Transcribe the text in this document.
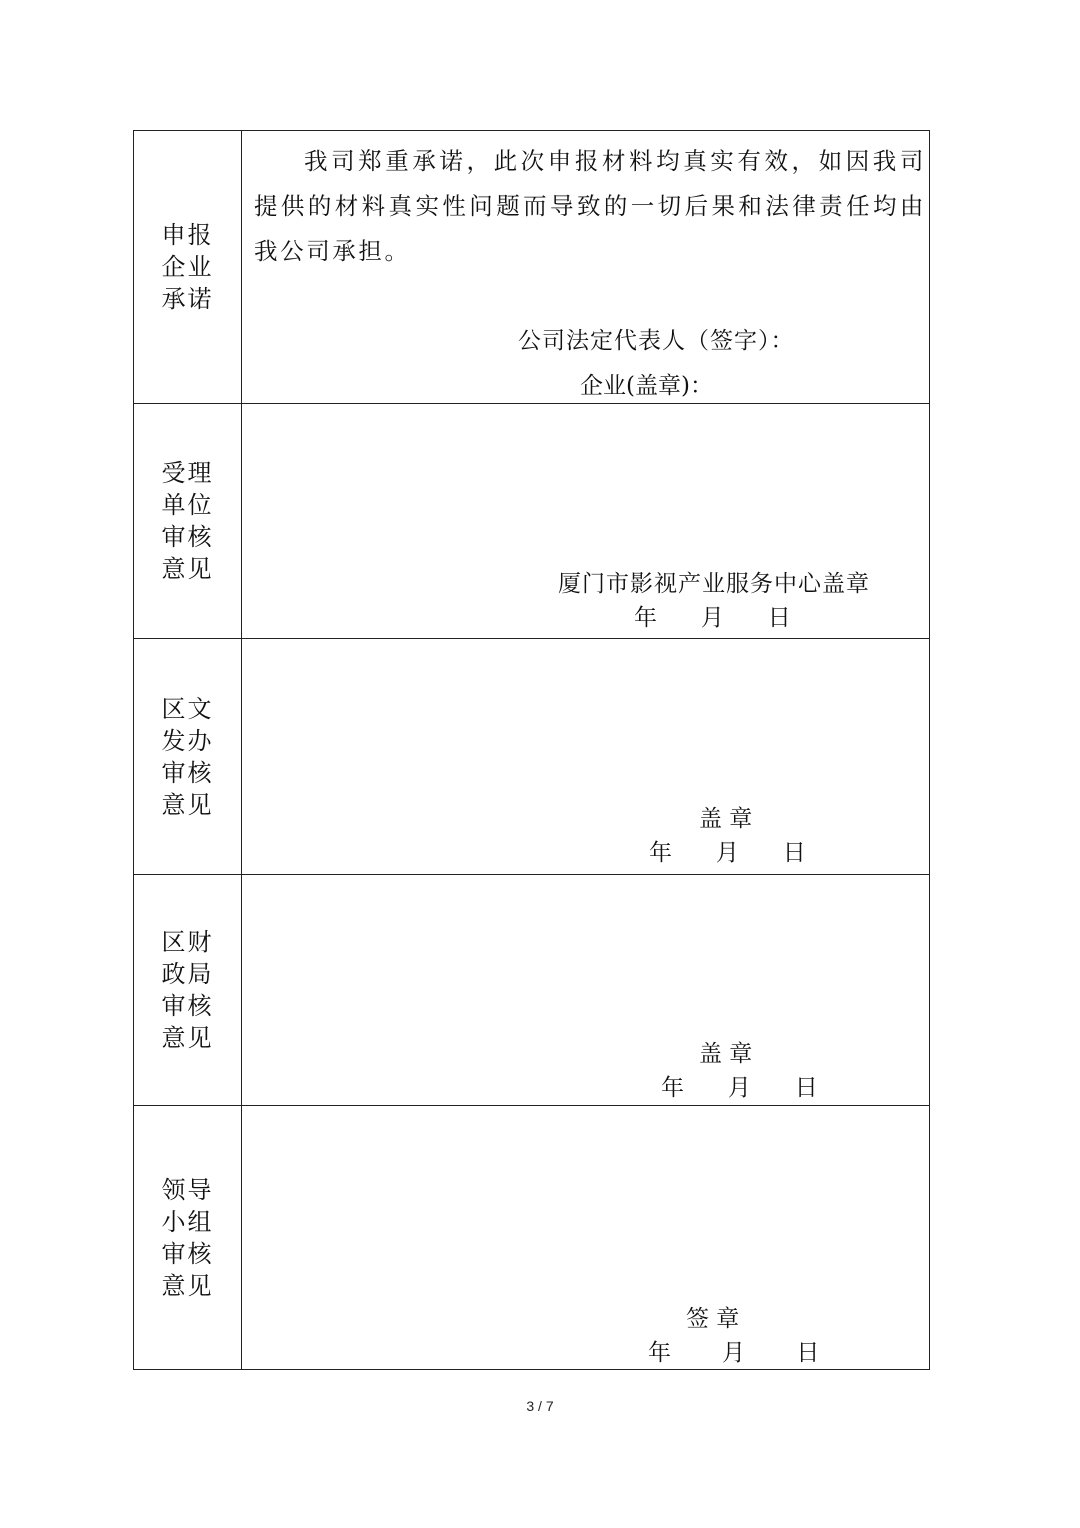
申报企业承诺	我司郑重承诺，此次申报材料均真实有效，如因我司提供的材料真实性问题而导致的一切后果和法律责任均由我公司承担。
公司法定代表人（签字）：
企业(盖章)：

受理单位审核意见	厦门市影视产业服务中心盖章
年      月      日

区文发办审核意见	盖 章
年      月      日

区财政局审核意见	盖 章
年      月      日

领导小组审核意见	签 章
年       月       日
3 / 7
